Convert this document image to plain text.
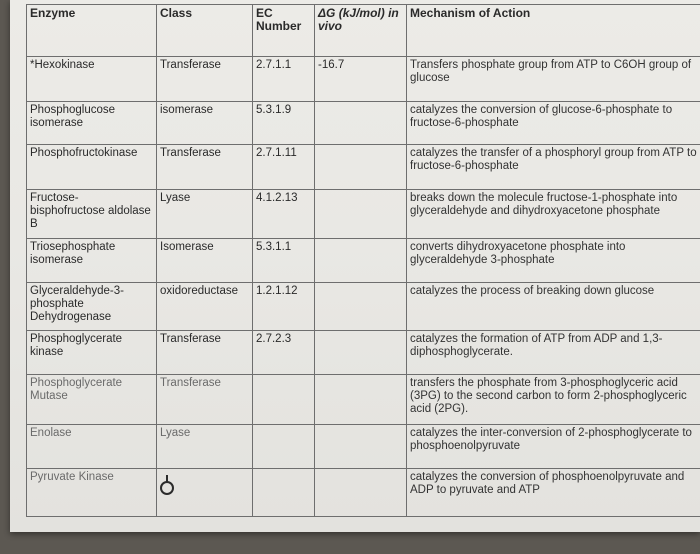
Enzyme	Class	EC Number	ΔG (kJ/mol) in vivo	Mechanism of Action
*Hexokinase	Transferase	2.7.1.1	-16.7	Transfers phosphate group from ATP to C6OH group of glucose
Phosphoglucose isomerase	isomerase	5.3.1.9		catalyzes the conversion of glucose-6-phosphate to fructose-6-phosphate
Phosphofructokinase	Transferase	2.7.1.11		catalyzes the transfer of a phosphoryl group from ATP to fructose-6-phosphate
Fructose-bisphofructose aldolase B	Lyase	4.1.2.13		breaks down the molecule fructose-1-phosphate into glyceraldehyde and dihydroxyacetone phosphate
Triosephosphate isomerase	Isomerase	5.3.1.1		converts dihydroxyacetone phosphate into glyceraldehyde 3-phosphate
Glyceraldehyde-3-phosphate Dehydrogenase	oxidoreductase	1.2.1.12		catalyzes the process of breaking down glucose
Phosphoglycerate kinase	Transferase	2.7.2.3		catalyzes the formation of ATP from ADP and 1,3-diphosphoglycerate.
Phosphoglycerate Mutase	Transferase			transfers the phosphate from 3-phosphoglyceric acid (3PG) to the second carbon to form 2-phosphoglyceric acid (2PG).
Enolase	Lyase			catalyzes the inter-conversion of 2-phosphoglycerate to phosphoenolpyruvate
Pyruvate Kinase				catalyzes the conversion of phosphoenolpyruvate and ADP to pyruvate and ATP
